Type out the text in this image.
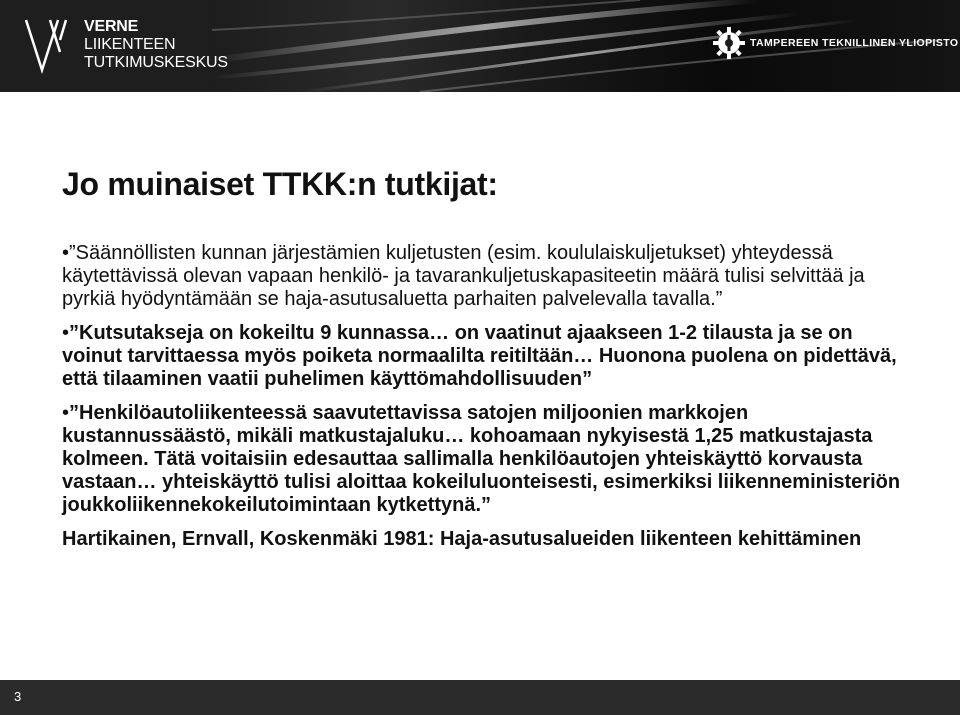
VERNE
LIIKENTEEN
TUTKIMUSKESKUS
TAMPEREEN TEKNILLINEN YLIOPISTO
Jo muinaiset TTKK:n tutkijat:

•”Säännöllisten kunnan järjestämien kuljetusten (esim. koululaiskuljetukset) yhteydessä käytettävissä olevan vapaan henkilö- ja tavarankuljetuskapasiteetin määrä tulisi selvittää ja pyrkiä hyödyntämään se haja-asutusaluetta parhaiten palvelevalla tavalla.”

•”Kutsutakseja on kokeiltu 9 kunnassa… on vaatinut ajaakseen 1-2 tilausta ja se on voinut tarvittaessa myös poiketa normaalilta reitiltään… Huonona puolena on pidettävä, että tilaaminen vaatii puhelimen käyttömahdollisuuden”

•”Henkilöautoliikenteessä saavutettavissa satojen miljoonien markkojen kustannussäästö, mikäli matkustajaluku… kohoamaan nykyisestä 1,25 matkustajasta kolmeen. Tätä voitaisiin edesauttaa sallimalla henkilöautojen yhteiskäyttö korvausta vastaan… yhteiskäyttö tulisi aloittaa kokeiluluonteisesti, esimerkiksi liikenneministeriön joukkoliikennekokeilutoimintaan kytkettynä.”

Hartikainen, Ernvall, Koskenmäki 1981: Haja-asutusalueiden liikenteen kehittäminen

3
